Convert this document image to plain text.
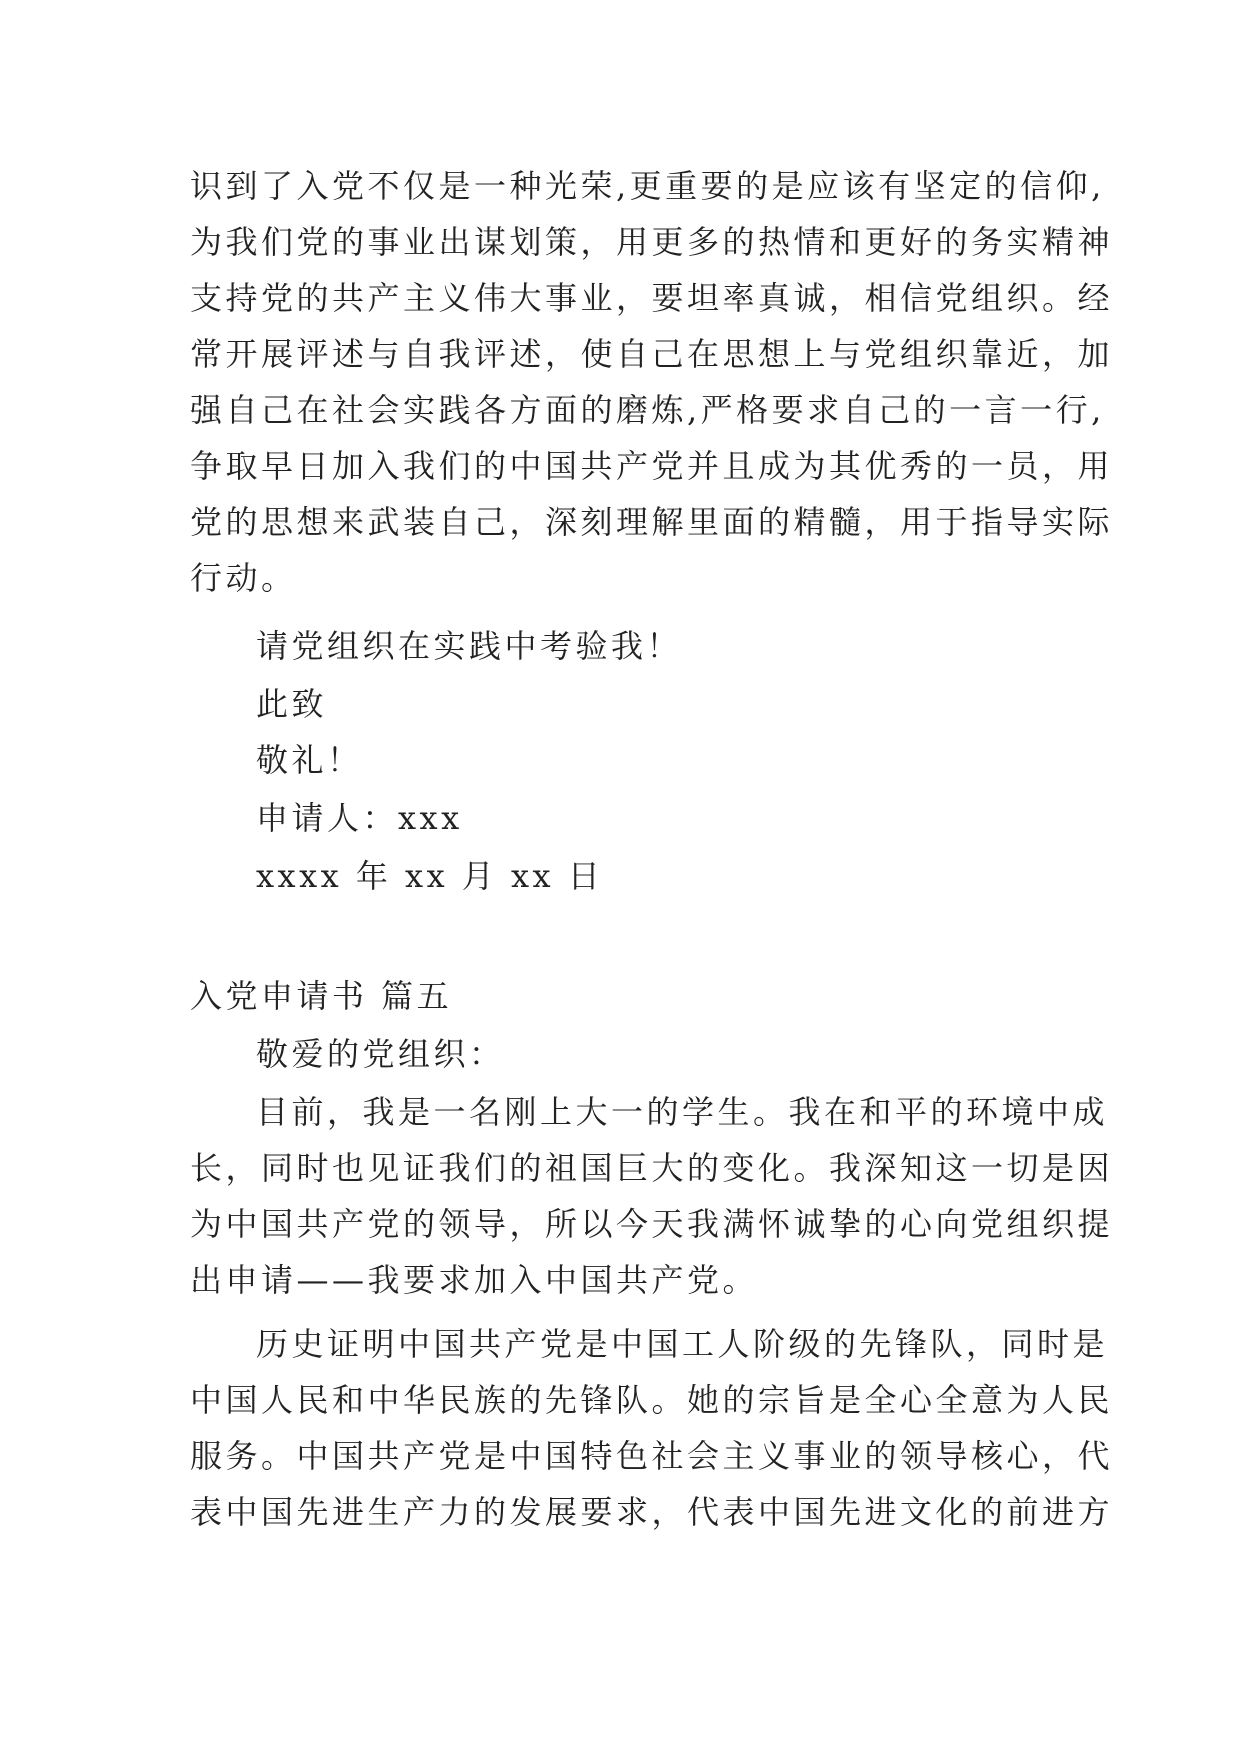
识到了入党不仅是一种光荣,更重要的是应该有坚定的信仰,
为我们党的事业出谋划策，用更多的热情和更好的务实精神
支持党的共产主义伟大事业，要坦率真诚，相信党组织。经
常开展评述与自我评述，使自己在思想上与党组织靠近，加
强自己在社会实践各方面的磨炼,严格要求自己的一言一行,
争取早日加入我们的中国共产党并且成为其优秀的一员，用
党的思想来武装自己，深刻理解里面的精髓，用于指导实际
行动。
请党组织在实践中考验我！
此致
敬礼！
申请人：xxx
xxxx 年 xx 月 xx 日
入党申请书 篇五
敬爱的党组织：
目前，我是一名刚上大一的学生。我在和平的环境中成
长，同时也见证我们的祖国巨大的变化。我深知这一切是因
为中国共产党的领导，所以今天我满怀诚挚的心向党组织提
出申请——我要求加入中国共产党。
历史证明中国共产党是中国工人阶级的先锋队，同时是
中国人民和中华民族的先锋队。她的宗旨是全心全意为人民
服务。中国共产党是中国特色社会主义事业的领导核心，代
表中国先进生产力的发展要求，代表中国先进文化的前进方
